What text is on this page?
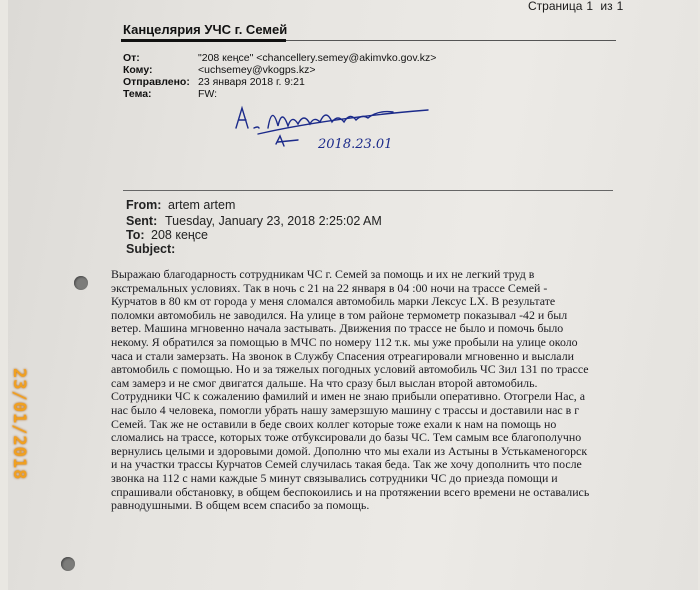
Страница 1 из 1
Канцелярия УЧС г. Семей
От:	"208 кеңсе" <chancellery.semey@akimvko.gov.kz>
Кому:	<uchsemey@vkogps.kz>
Отправлено: 23 января 2018 г. 9:21
Тема:	FW:
2018.23.01
From: artem artem
Sent: Tuesday, January 23, 2018 2:25:02 AM
To: 208 кеңсе
Subject:
Выражаю благодарность сотрудникам ЧС г. Семей за помощь и их не легкий труд в
экстремальных условиях. Так в ночь с 21 на 22 января в 04 :00 ночи на трассе Семей -
Курчатов в 80 км от города у меня сломался автомобиль марки Лексус LX. В результате
поломки автомобиль не заводился. На улице в том районе термометр показывал -42 и был
ветер. Машина мгновенно начала застывать. Движения по трассе не было и помочь было
некому. Я обратился за помощью в МЧС по номеру 112 т.к. мы уже пробыли на улице около
часа и стали замерзать. На звонок в Службу Спасения отреагировали мгновенно и выслали
автомобиль с помощью. Но и за тяжелых погодных условий автомобиль ЧС Зил 131 по трассе
сам замерз и не смог двигатся дальше. На что сразу был выслан второй автомобиль.
Сотрудники ЧС к сожалению фамилий и имен не знаю прибыли оперативно. Отогрели Нас, а
нас было 4 человека, помогли убрать нашу замерзшую машину с трассы и доставили нас в г
Семей. Так же не оставили в беде своих коллег которые тоже ехали к нам на помощь но
сломались на трассе, которых тоже отбуксировали до базы ЧС. Тем самым все благополучно
вернулись целыми и здоровыми домой. Дополню что мы ехали из Астыны в Устькаменогорск
и на участки трассы Курчатов Семей случилась такая беда. Так же хочу дополнить что после
звонка на 112 с нами каждые 5 минут связывались сотрудники ЧС до приезда помощи и
спрашивали обстановку, в общем беспокоились и на протяжении всего времени не оставались
равнодушными. В общем всем спасибо за помощь.
23/01/2018
